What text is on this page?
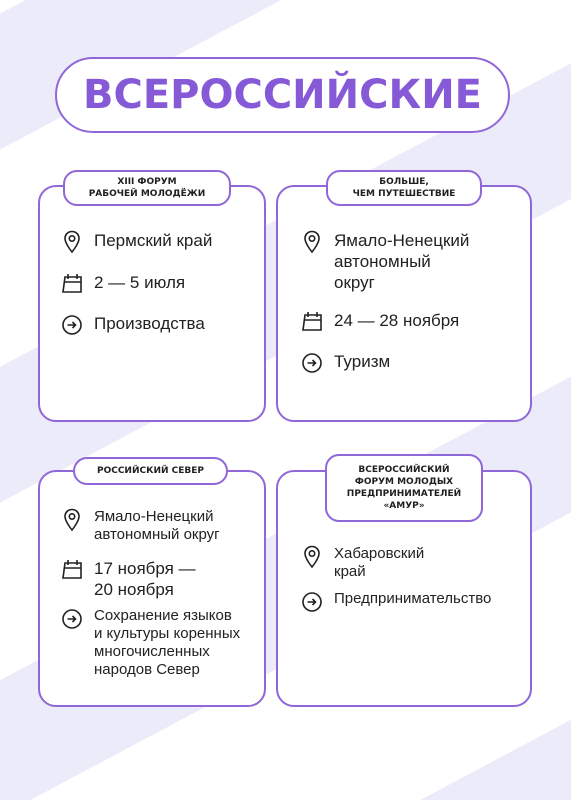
ВСЕРОССИЙСКИЕ
XIII ФОРУМ
РАБОЧЕЙ МОЛОДЁЖИ
Пермский край
2 — 5 июля
Производства
БОЛЬШЕ,
ЧЕМ ПУТЕШЕСТВИЕ
Ямало-Ненецкий
автономный
округ
24 — 28 ноября
Туризм
РОССИЙСКИЙ СЕВЕР
Ямало-Ненецкий
автономный округ
17 ноября —
20 ноября
Сохранение языков
и культуры коренных
многочисленных
народов Север
ВСЕРОССИЙСКИЙ
ФОРУМ МОЛОДЫХ
ПРЕДПРИНИМАТЕЛЕЙ
«АМУР»
Хабаровский
край
Предпринимательство
